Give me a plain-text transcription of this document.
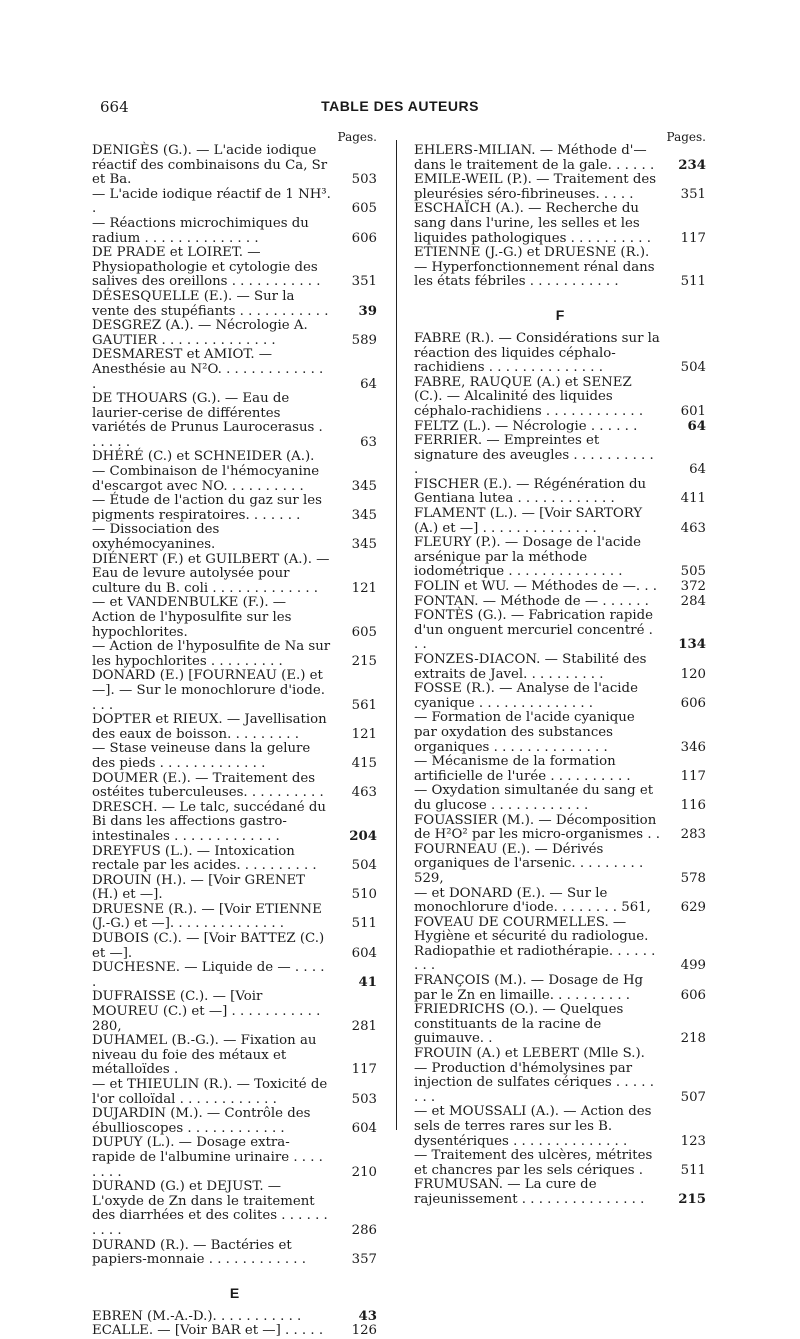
664	TABLE DES AUTEURS
Pages.
DENIGÈS (G.). — L'acide iodique réactif des combinaisons du Ca, Sr et Ba.	503
— L'acide iodique réactif de 1 NH³. .	605
— Réactions microchimiques du radium . . . . . . . . . . . . . .	606
DE PRADE et LOIRET. — Physiopathologie et cytologie des salives des oreillons . . . . . . . . . . .	351
DÉSESQUELLE (E.). — Sur la vente des stupéfiants . . . . . . . . . . .	39
DESGREZ (A.). — Nécrologie A. GAUTIER . . . . . . . . . . . . . .	589
DESMAREST et AMIOT. — Anesthésie au N²O. . . . . . . . . . . . . .	64
DE THOUARS (G.). — Eau de laurier-cerise de différentes variétés de Prunus Laurocerasus . . . . . .	63
DHÉRÉ (C.) et SCHNEIDER (A.). — Combinaison de l'hémocyanine d'escargot avec NO. . . . . . . . . .	345
— Étude de l'action du gaz sur les pigments respiratoires. . . . . . .	345
— Dissociation des oxyhémocyanines.	345
DIÉNERT (F.) et GUILBERT (A.). — Eau de levure autolysée pour culture du B. coli . . . . . . . . . . . . .	121
— et VANDENBULKE (F.). — Action de l'hyposulfite sur les hypochlorites.	605
— Action de l'hyposulfite de Na sur les hypochlorites . . . . . . . . .	215
DONARD (E.) [FOURNEAU (E.) et —]. — Sur le monochlorure d'iode. . . .	561
DOPTER et RIEUX. — Javellisation des eaux de boisson. . . . . . . . .	121
— Stase veineuse dans la gelure des pieds . . . . . . . . . . . . .	415
DOUMER (E.). — Traitement des ostéites tuberculeuses. . . . . . . . . .	463
DRESCH. — Le talc, succédané du Bi dans les affections gastro-intestinales . . . . . . . . . . . . .	204
DREYFUS (L.). — Intoxication rectale par les acides. . . . . . . . . .	504
DROUIN (H.). — [Voir GRENET (H.) et —].	510
DRUESNE (R.). — [Voir ETIENNE (J.-G.) et —]. . . . . . . . . . . . . .	511
DUBOIS (C.). — [Voir BATTEZ (C.) et —].	604
DUCHESNE. — Liquide de — . . . . .	41
DUFRAISSE (C.). — [Voir MOUREU (C.) et —] . . . . . . . . . . . 280,	281
DUHAMEL (B.-G.). — Fixation au niveau du foie des métaux et métalloïdes .	117
— et THIEULIN (R.). — Toxicité de l'or colloïdal . . . . . . . . . . . .	503
DUJARDIN (M.). — Contrôle des ébullioscopes . . . . . . . . . . . .	604
DUPUY (L.). — Dosage extra-rapide de l'albumine urinaire . . . . . . . .	210
DURAND (G.) et DEJUST. — L'oxyde de Zn dans le traitement des diarrhées et des colites . . . . . . . . . .	286
DURAND (R.). — Bactéries et papiers-monnaie . . . . . . . . . . . .	357
E
EBREN (M.-A.-D.). . . . . . . . . . .	43
ECALLE. — [Voir BAR et —] . . . . .	126
Pages.
EHLERS-MILIAN. — Méthode d'— dans le traitement de la gale. . . . . .	234
EMILE-WEIL (P.). — Traitement des pleurésies séro-fibrineuses. . . . .	351
ESCHAÏCH (A.). — Recherche du sang dans l'urine, les selles et les liquides pathologiques . . . . . . . . . .	117
ETIENNE (J.-G.) et DRUESNE (R.). — Hyperfonctionnement rénal dans les états fébriles . . . . . . . . . . .	511
F
FABRE (R.). — Considérations sur la réaction des liquides céphalo-rachidiens . . . . . . . . . . . . . .	504
FABRE, RAUQUE (A.) et SENEZ (C.). — Alcalinité des liquides céphalo-rachidiens . . . . . . . . . . . .	601
FELTZ (L.). — Nécrologie . . . . . .	64
FERRIER. — Empreintes et signature des aveugles . . . . . . . . . . .	64
FISCHER (E.). — Régénération du Gentiana lutea . . . . . . . . . . . .	411
FLAMENT (L.). — [Voir SARTORY (A.) et —] . . . . . . . . . . . . . .	463
FLEURY (P.). — Dosage de l'acide arsénique par la méthode iodométrique . . . . . . . . . . . . . .	505
FOLIN et WU. — Méthodes de —. . .	372
FONTAN. — Méthode de — . . . . . .	284
FONTÈS (G.). — Fabrication rapide d'un onguent mercuriel concentré . . .	134
FONZES-DIACON. — Stabilité des extraits de Javel. . . . . . . . . .	120
FOSSE (R.). — Analyse de l'acide cyanique . . . . . . . . . . . . . .	606
— Formation de l'acide cyanique par oxydation des substances organiques . . . . . . . . . . . . . .	346
— Mécanisme de la formation artificielle de l'urée . . . . . . . . . .	117
— Oxydation simultanée du sang et du glucose . . . . . . . . . . . .	116
FOUASSIER (M.). — Décomposition de H²O² par les micro-organismes . .	283
FOURNEAU (E.). — Dérivés organiques de l'arsenic. . . . . . . . . 529,	578
— et DONARD (E.). — Sur le monochlorure d'iode. . . . . . . . 561,	629
FOVEAU DE COURMELLES. — Hygiène et sécurité du radiologue. Radiopathie et radiothérapie. . . . . . . . .	499
FRANÇOIS (M.). — Dosage de Hg par le Zn en limaille. . . . . . . . . .	606
FRIEDRICHS (O.). — Quelques constituants de la racine de guimauve. .	218
FROUIN (A.) et LEBERT (Mlle S.). — Production d'hémolysines par injection de sulfates cériques . . . . . . . .	507
— et MOUSSALI (A.). — Action des sels de terres rares sur les B. dysentériques . . . . . . . . . . . . . .	123
— Traitement des ulcères, métrites et chancres par les sels cériques .	511
FRUMUSAN. — La cure de rajeunissement . . . . . . . . . . . . . . .	215
